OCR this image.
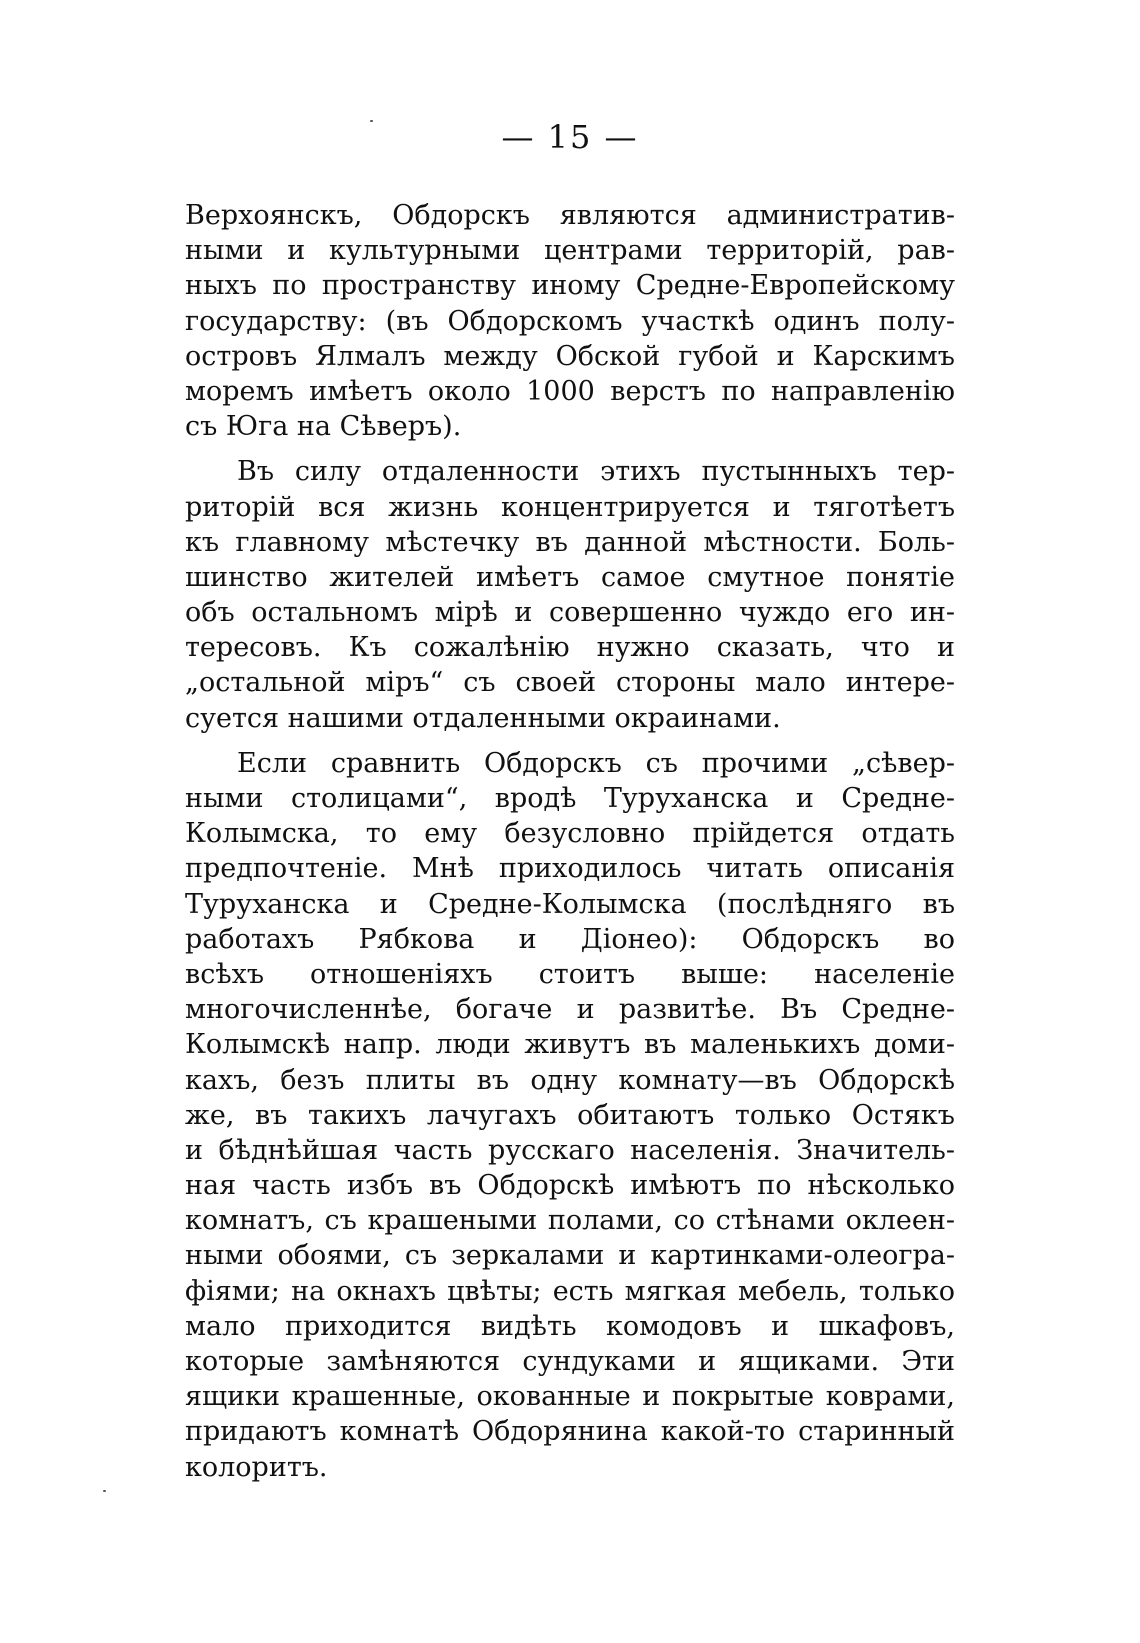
— 15 —
Верхоянскъ, Обдорскъ являются административ-
ными и культурными центрами территорій, рав-
ныхъ по пространству иному Средне-Европейскому
государству: (въ Обдорскомъ участкѣ одинъ полу-
островъ Ялмалъ между Обской губой и Карскимъ
моремъ имѣетъ около 1000 верстъ по направленію
съ Юга на Сѣверъ).
Въ силу отдаленности этихъ пустынныхъ тер-
риторій вся жизнь концентрируется и тяготѣетъ
къ главному мѣстечку въ данной мѣстности. Боль-
шинство жителей имѣетъ самое смутное понятіе
объ остальномъ мірѣ и совершенно чуждо его ин-
тересовъ. Къ сожалѣнію нужно сказать, что и
„остальной міръ“ съ своей стороны мало интере-
суется нашими отдаленными окраинами.
Если сравнить Обдорскъ съ прочими „сѣвер-
ными столицами“, вродѣ Туруханска и Средне-
Колымска, то ему безусловно прійдется отдать
предпочтеніе. Мнѣ приходилось читать описанія
Туруханска и Средне-Колымска (послѣдняго въ
работахъ Рябкова и Діонео): Обдорскъ во
всѣхъ отношеніяхъ стоитъ выше: населеніе
многочисленнѣе, богаче и развитѣе. Въ Средне-
Колымскѣ напр. люди живутъ въ маленькихъ доми-
кахъ, безъ плиты въ одну комнату—въ Обдорскѣ
же, въ такихъ лачугахъ обитаютъ только Остякъ
и бѣднѣйшая часть русскаго населенія. Значитель-
ная часть избъ въ Обдорскѣ имѣютъ по нѣсколько
комнатъ, съ крашеными полами, со стѣнами оклеен-
ными обоями, съ зеркалами и картинками-олеогра-
фіями; на окнахъ цвѣты; есть мягкая мебель, только
мало приходится видѣть комодовъ и шкафовъ,
которые замѣняются сундуками и ящиками. Эти
ящики крашенные, окованные и покрытые коврами,
придаютъ комнатѣ Обдорянина какой-то старинный
колоритъ.
